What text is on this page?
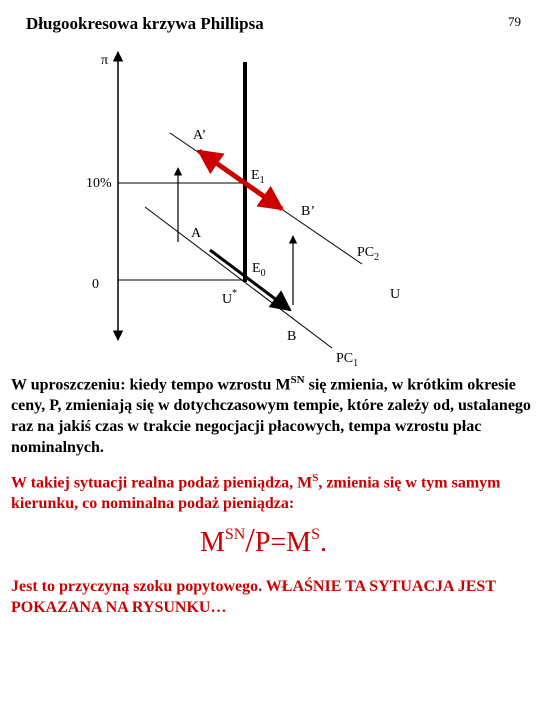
Długookresowa krzywa Phillipsa	79
π
A’
$E_1$
10%
B’
A
$PC_2$
0
$E_0$
U*	U
B
$PC_1$
W uproszczeniu: kiedy tempo wzrostu $M^{SN}$ się zmienia, w krótkim okresie ceny, P, zmieniają się w dotychczasowym tempie, które zależy od, ustalanego raz na jakiś czas w trakcie negocjacji płacowych, tempa wzrostu płac nominalnych.
W takiej sytuacji realna podaż pieniądza, $M^S$, zmienia się w tym samym kierunku, co nominalna podaż pieniądza:
$M^{SN}/P=M^S$.
Jest to przyczyną szoku popytowego. WŁAŚNIE TA SYTUACJA JEST POKAZANA NA RYSUNKU…
